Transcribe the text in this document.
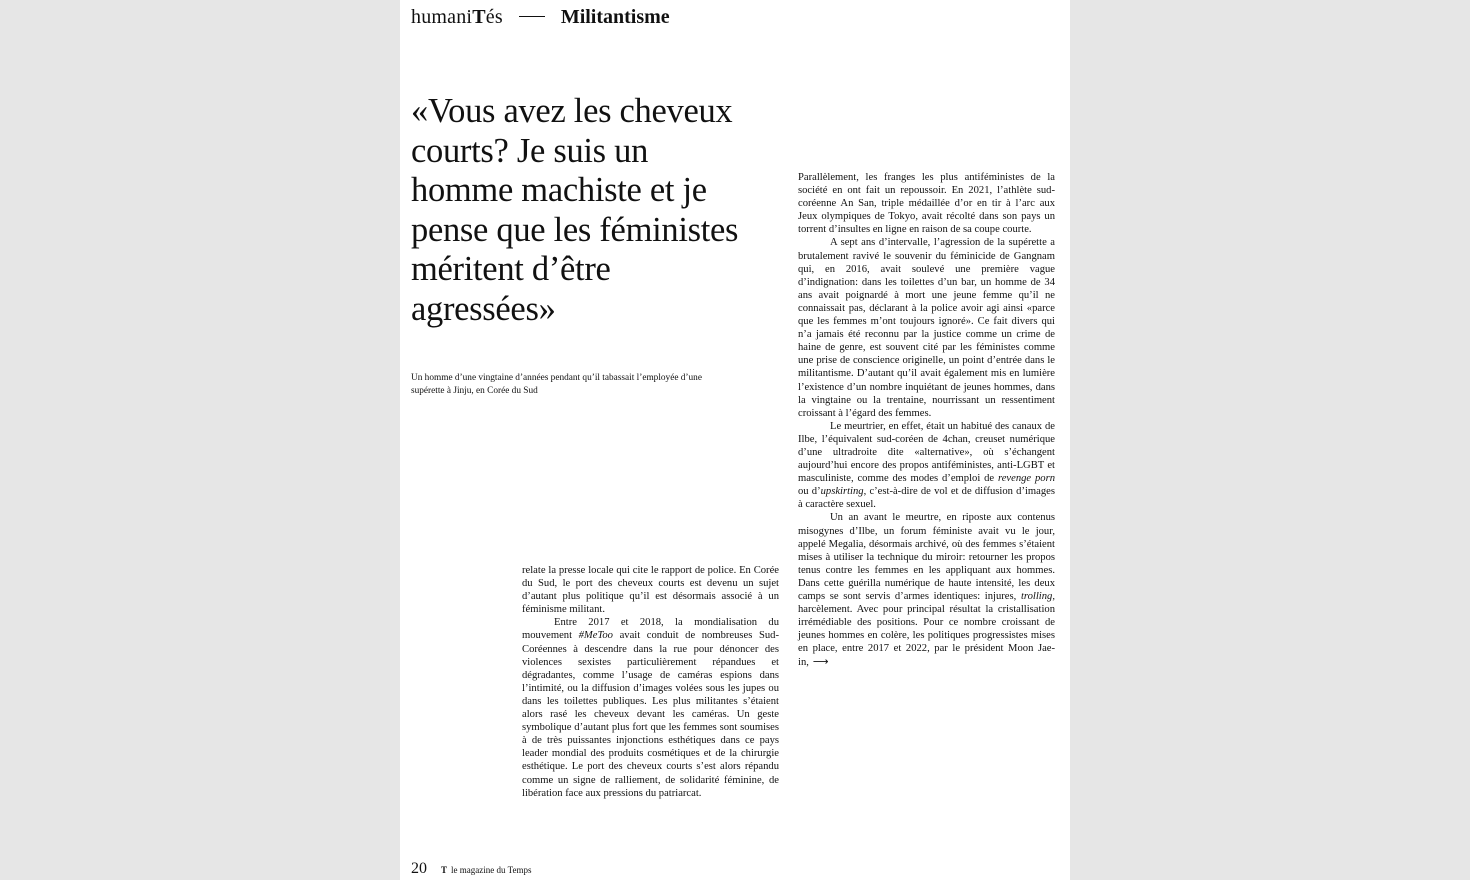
humaniTés	Militantisme
«Vous avez les cheveux courts? Je suis un homme machiste et je pense que les féministes méritent d’être agressées»

Un homme d’une vingtaine d’années pendant qu’il tabassait l’employée d’une supérette à Jinju, en Corée du Sud

relate la presse locale qui cite le rapport de police. En Corée du Sud, le port des cheveux courts est devenu un sujet d’autant plus politique qu’il est désormais associé à un féminisme militant.

Entre 2017 et 2018, la mondialisation du mouvement #MeToo avait conduit de nombreuses Sud-Coréennes à descendre dans la rue pour dénoncer des violences sexistes particulièrement répandues et dégradantes, comme l’usage de caméras espions dans l’intimité, ou la diffusion d’images volées sous les jupes ou dans les toilettes publiques. Les plus militantes s’étaient alors rasé les cheveux devant les caméras. Un geste symbolique d’autant plus fort que les femmes sont soumises à de très puissantes injonctions esthétiques dans ce pays leader mondial des produits cosmétiques et de la chirurgie esthétique. Le port des cheveux courts s’est alors répandu comme un signe de ralliement, de solidarité féminine, de libération face aux pressions du patriarcat.

Parallèlement, les franges les plus antiféministes de la société en ont fait un repoussoir. En 2021, l’athlète sud-coréenne An San, triple médaillée d’or en tir à l’arc aux Jeux olympiques de Tokyo, avait récolté dans son pays un torrent d’insultes en ligne en raison de sa coupe courte.

A sept ans d’intervalle, l’agression de la supérette a brutalement ravivé le souvenir du féminicide de Gangnam qui, en 2016, avait soulevé une première vague d’indignation: dans les toilettes d’un bar, un homme de 34 ans avait poignardé à mort une jeune femme qu’il ne connaissait pas, déclarant à la police avoir agi ainsi «parce que les femmes m’ont toujours ignoré». Ce fait divers qui n’a jamais été reconnu par la justice comme un crime de haine de genre, est souvent cité par les féministes comme une prise de conscience originelle, un point d’entrée dans le militantisme. D’autant qu’il avait également mis en lumière l’existence d’un nombre inquiétant de jeunes hommes, dans la vingtaine ou la trentaine, nourrissant un ressentiment croissant à l’égard des femmes.

Le meurtrier, en effet, était un habitué des canaux de Ilbe, l’équivalent sud-coréen de 4chan, creuset numérique d’une ultradroite dite «alternative», où s’échangent aujourd’hui encore des propos antiféministes, anti-LGBT et masculiniste, comme des modes d’emploi de revenge porn ou d’upskirting, c’est-à-dire de vol et de diffusion d’images à caractère sexuel.

Un an avant le meurtre, en riposte aux contenus misogynes d’Ilbe, un forum féministe avait vu le jour, appelé Megalia, désormais archivé, où des femmes s’étaient mises à utiliser la technique du miroir: retourner les propos tenus contre les femmes en les appliquant aux hommes. Dans cette guérilla numérique de haute intensité, les deux camps se sont servis d’armes identiques: injures, trolling, harcèlement. Avec pour principal résultat la cristallisation irrémédiable des positions. Pour ce nombre croissant de jeunes hommes en colère, les politiques progressistes mises en place, entre 2017 et 2022, par le président Moon Jae-in, ⟶

20 T le magazine du Temps
